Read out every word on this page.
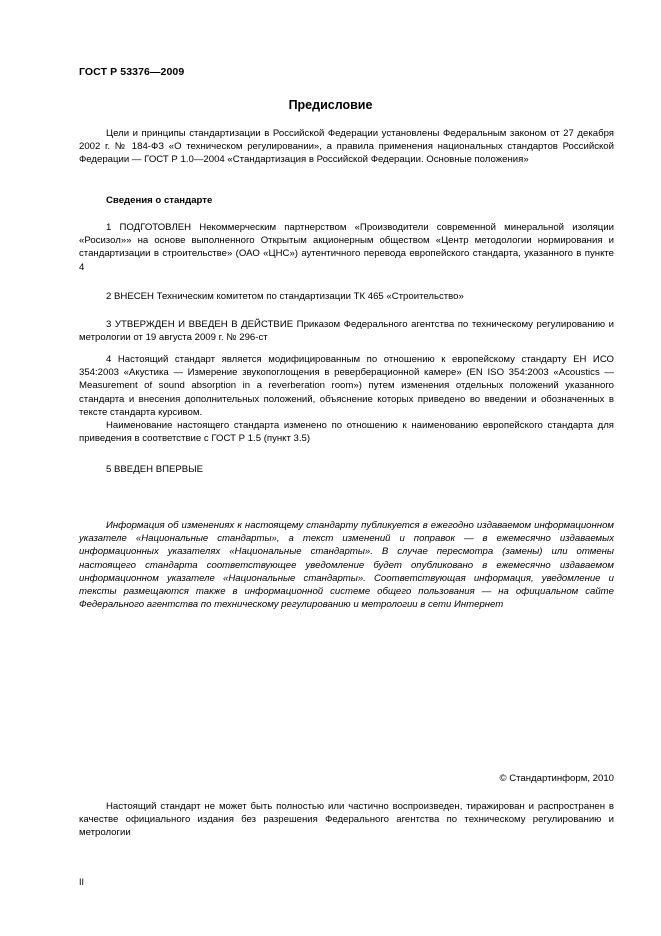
ГОСТ Р 53376—2009
Предисловие

Цели и принципы стандартизации в Российской Федерации установлены Федеральным законом от 27 декабря 2002 г. № 184-ФЗ «О техническом регулировании», а правила применения национальных стандартов Российской Федерации — ГОСТ Р 1.0—2004 «Стандартизация в Российской Федерации. Основные положения»

Сведения о стандарте

1 ПОДГОТОВЛЕН Некоммерческим партнерством «Производители современной минеральной изоляции «Росизол»» на основе выполненного Открытым акционерным обществом «Центр методологии нормирования и стандартизации в строительстве» (ОАО «ЦНС») аутентичного перевода европейского стандарта, указанного в пункте 4

2 ВНЕСЕН Техническим комитетом по стандартизации ТК 465 «Строительство»

3 УТВЕРЖДЕН И ВВЕДЕН В ДЕЙСТВИЕ Приказом Федерального агентства по техническому регулированию и метрологии от 19 августа 2009 г. № 296-ст

4 Настоящий стандарт является модифицированным по отношению к европейскому стандарту ЕН ИСО 354:2003 «Акустика — Измерение звукопоглощения в реверберационной камере» (EN ISO 354:2003 «Acoustics — Measurement of sound absorption in a reverberation room») путем изменения отдельных положений указанного стандарта и внесения дополнительных положений, объяснение которых приведено во введении и обозначенных в тексте стандарта курсивом.

Наименование настоящего стандарта изменено по отношению к наименованию европейского стандарта для приведения в соответствие с ГОСТ Р 1.5 (пункт 3.5)

5 ВВЕДЕН ВПЕРВЫЕ

Информация об изменениях к настоящему стандарту публикуется в ежегодно издаваемом информационном указателе «Национальные стандарты», а текст изменений и поправок — в ежемесячно издаваемых информационных указателях «Национальные стандарты». В случае пересмотра (замены) или отмены настоящего стандарта соответствующее уведомление будет опубликовано в ежемесячно издаваемом информационном указателе «Национальные стандарты». Соответствующая информация, уведомление и тексты размещаются также в информационной системе общего пользования — на официальном сайте Федерального агентства по техническому регулированию и метрологии в сети Интернет

© Стандартинформ, 2010

Настоящий стандарт не может быть полностью или частично воспроизведен, тиражирован и распространен в качестве официального издания без разрешения Федерального агентства по техническому регулированию и метрологии

II
